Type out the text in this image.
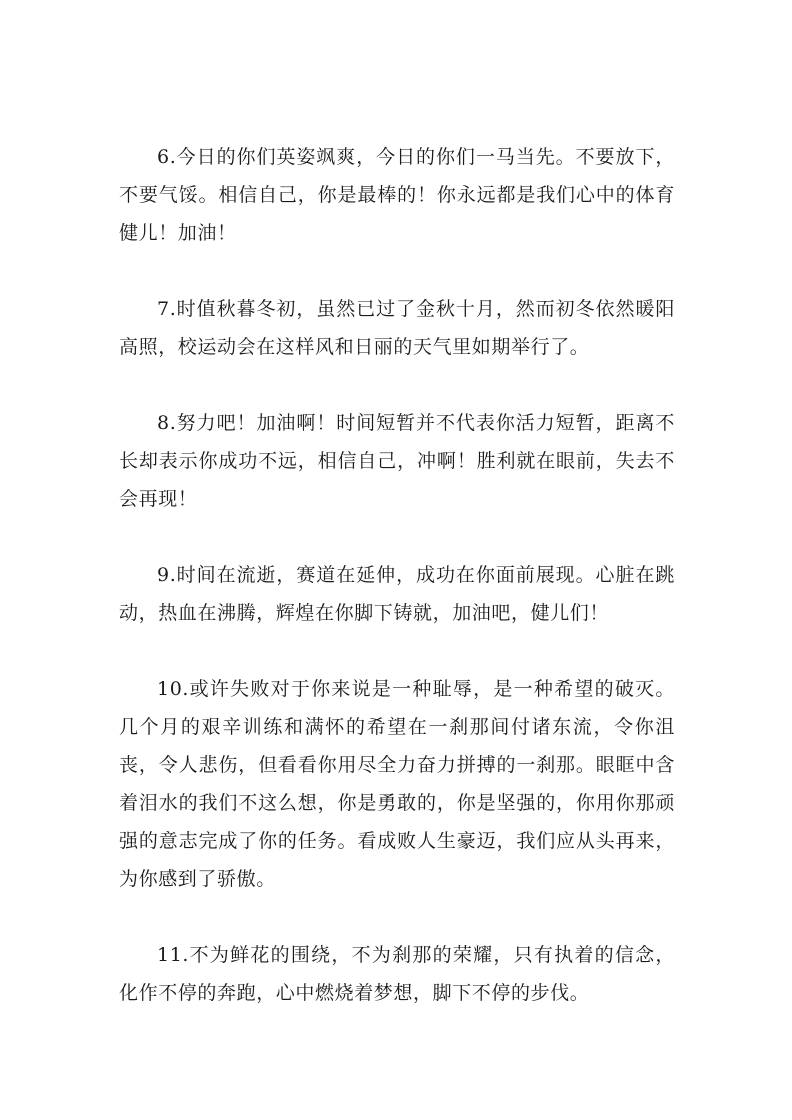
6.今日的你们英姿飒爽，今日的你们一马当先。不要放下，不要气馁。相信自己，你是最棒的！你永远都是我们心中的体育健儿！加油！

7.时值秋暮冬初，虽然已过了金秋十月，然而初冬依然暖阳高照，校运动会在这样风和日丽的天气里如期举行了。

8.努力吧！加油啊！时间短暂并不代表你活力短暂，距离不长却表示你成功不远，相信自己，冲啊！胜利就在眼前，失去不会再现！

9.时间在流逝，赛道在延伸，成功在你面前展现。心脏在跳动，热血在沸腾，辉煌在你脚下铸就，加油吧，健儿们！

10.或许失败对于你来说是一种耻辱，是一种希望的破灭。几个月的艰辛训练和满怀的希望在一刹那间付诸东流，令你沮丧，令人悲伤，但看看你用尽全力奋力拼搏的一刹那。眼眶中含着泪水的我们不这么想，你是勇敢的，你是坚强的，你用你那顽强的意志完成了你的任务。看成败人生豪迈，我们应从头再来，为你感到了骄傲。

11.不为鲜花的围绕，不为刹那的荣耀，只有执着的信念，化作不停的奔跑，心中燃烧着梦想，脚下不停的步伐。
